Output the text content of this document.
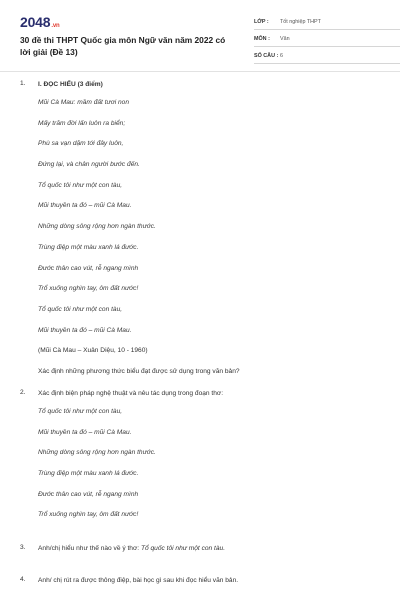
2048.vn
30 đề thi THPT Quốc gia môn Ngữ văn năm 2022 có lời giải (Đề 13)
LỚP :	Tốt nghiệp THPT
MÔN :	Văn
SỐ CÂU : 6
1. I. ĐỌC HIỂU (3 điểm)
Mũi Cà Mau: mầm đất tươi non
Mấy trăm đời lấn luôn ra biển;
Phù sa vạn dặm tới đây luôn,
Đứng lại, và chân người bước đến.
Tổ quốc tôi như một con tàu,
Mũi thuyền ta đó – mũi Cà Mau.
Những dòng sông rộng hơn ngàn thước.
Trùng điệp một màu xanh lá đước.
Đước thân cao vút, rễ ngang mình
Trổ xuống nghìn tay, ôm đất nước!
Tổ quốc tôi như một con tàu,
Mũi thuyền ta đó – mũi Cà Mau.
(Mũi Cà Mau – Xuân Diệu, 10 - 1960)
Xác định những phương thức biểu đạt được sử dụng trong văn bản?
2. Xác định biện pháp nghệ thuật và nêu tác dụng trong đoạn thơ:
Tổ quốc tôi như một con tàu,
Mũi thuyền ta đó – mũi Cà Mau.
Những dòng sông rộng hơn ngàn thước.
Trùng điệp một màu xanh lá đước.
Đước thân cao vút, rễ ngang mình
Trổ xuống nghìn tay, ôm đất nước!
3. Anh/chị hiểu như thế nào về ý thơ: Tổ quốc tôi như một con tàu.
4. Anh/ chị rút ra được thông điệp, bài học gì sau khi đọc hiểu văn bản.
